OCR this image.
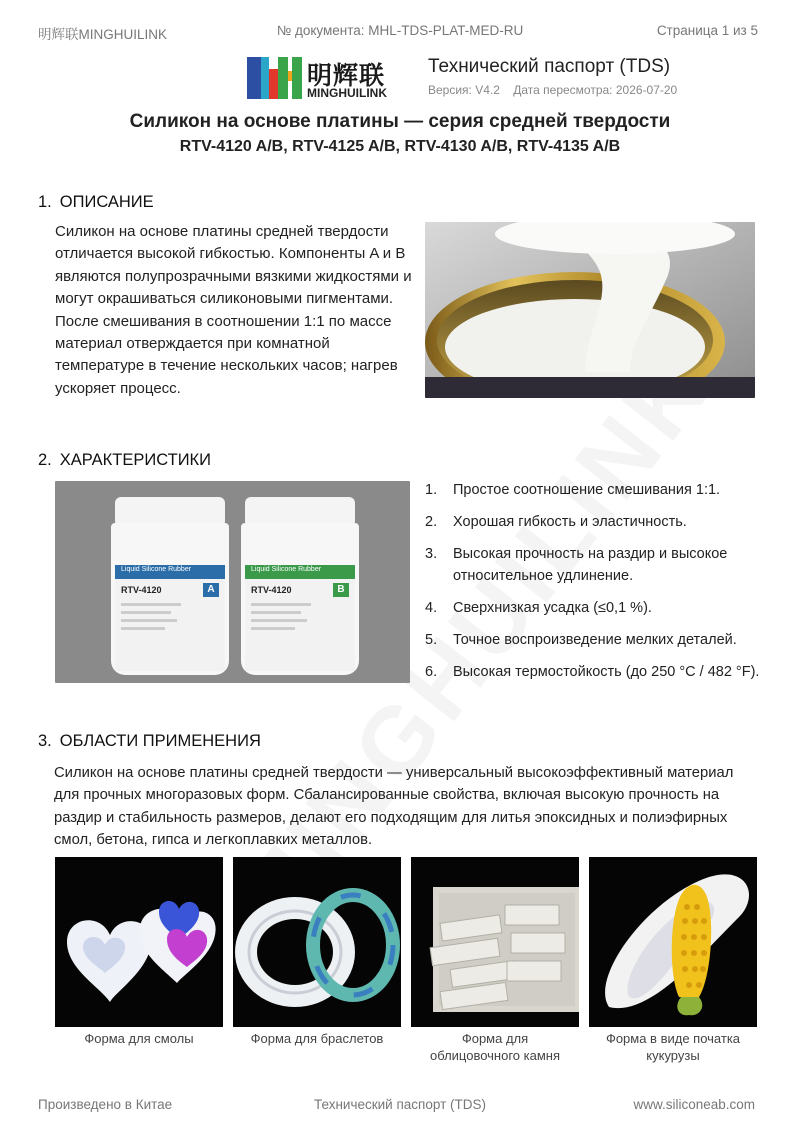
明辉联MINGHUILINK	№ документа: MHL-TDS-PLAT-MED-RU	Страница 1 из 5
明辉联
MINGHUILINK
Технический паспорт (TDS)
Версия: V4.2 Дата пересмотра: 2026-07-20
Силикон на основе платины — серия средней твердости
RTV-4120 A/B, RTV-4125 A/B, RTV-4130 A/B, RTV-4135 A/B
1. ОПИСАНИЕ
Силикон на основе платины средней твердости отличается высокой гибкостью. Компоненты A и B являются полупрозрачными вязкими жидкостями и могут окрашиваться силиконовыми пигментами. После смешивания в соотношении 1:1 по массе материал отверждается при комнатной температуре в течение нескольких часов; нагрев ускоряет процесс.
2. ХАРАКТЕРИСТИКИ
Liquid Silicone Rubber
RTV-4120	A
Liquid Silicone Rubber
RTV-4120	B
1. Простое соотношение смешивания 1:1.
2. Хорошая гибкость и эластичность.
3. Высокая прочность на раздир и высокое относительное удлинение.
4. Сверхнизкая усадка (≤0,1 %).
5. Точное воспроизведение мелких деталей.
6. Высокая термостойкость (до 250 °C / 482 °F).
3. ОБЛАСТИ ПРИМЕНЕНИЯ
Силикон на основе платины средней твердости — универсальный высокоэффективный материал для прочных многоразовых форм. Сбалансированные свойства, включая высокую прочность на раздир и стабильность размеров, делают его подходящим для литья эпоксидных и полиэфирных смол, бетона, гипса и легкоплавких металлов.
Форма для смолы	Форма для браслетов	Форма для облицовочного камня
Форма в виде початка кукурузы
Произведено в Китае	Технический паспорт (TDS)	www.siliconeab.com
